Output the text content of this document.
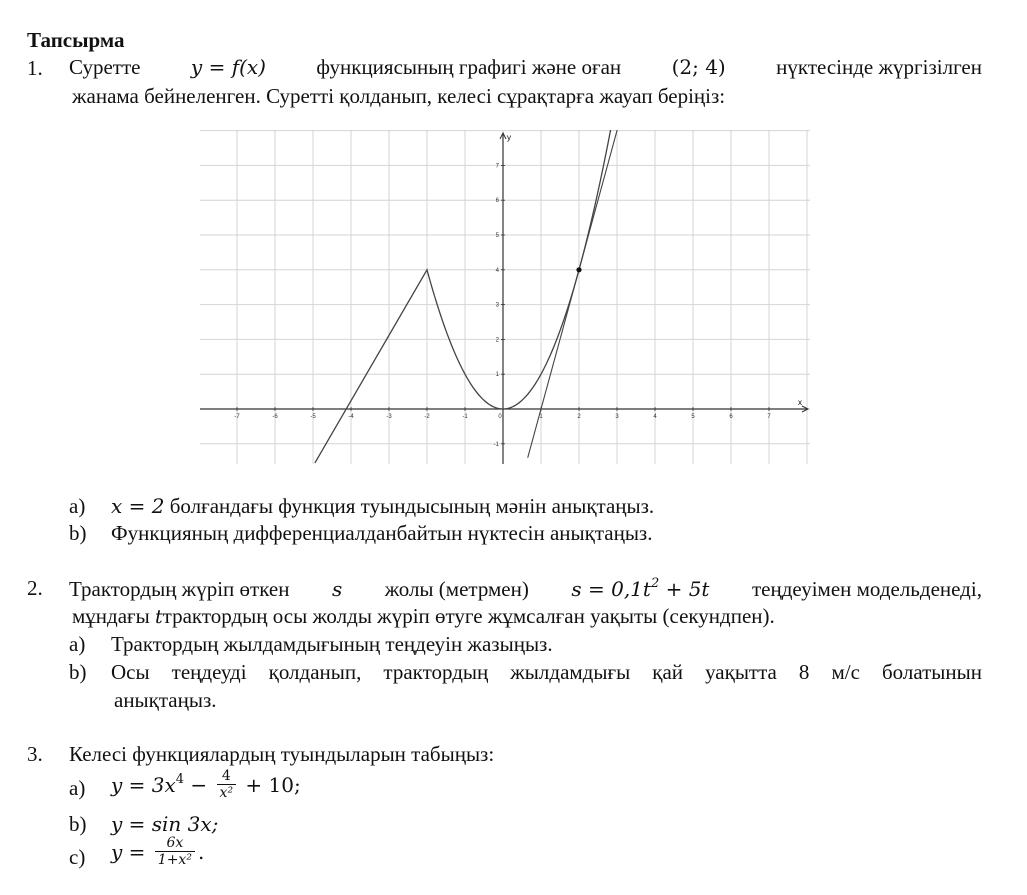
Тапсырма
1. Суретте	y = f(x) функциясының графигі және оған	(2; 4) нүктесінде жүргізілген
жанама бейнеленген. Суретті қолданып, келесі сұрақтарға жауап беріңіз:
-7	-6	-5	-4	-3	-2	-1	0	1	2	3	4	5	6	7
-1
1
2
3
4
5
6
7
x
y
a) x = 2 болғандағы функция туындысының мәнін анықтаңыз.
b) Функцияның дифференциалданбайтын нүктесін анықтаңыз.
2. Трактордың жүріп өткен s жолы (метрмен) $s = 0,1t^2 + 5t$ теңдеуімен модельденеді,
мұндағы tтрактордың осы жолды жүріп өтуге жұмсалған уақыты (секундпен).
a) Трактордың жылдамдығының теңдеуін жазыңыз.
b) Осы теңдеуді қолданып, трактордың жылдамдығы қай уақытта 8 м/с болатынын
анықтаңыз.
3. Келесі функциялардың туындыларын табыңыз:
a) $y = 3x^4 - \frac{4}{\text{x²}} + 10$;
b) y = sin 3x;
c) $y = \frac{6x}{\text{1+x²}}$ .
